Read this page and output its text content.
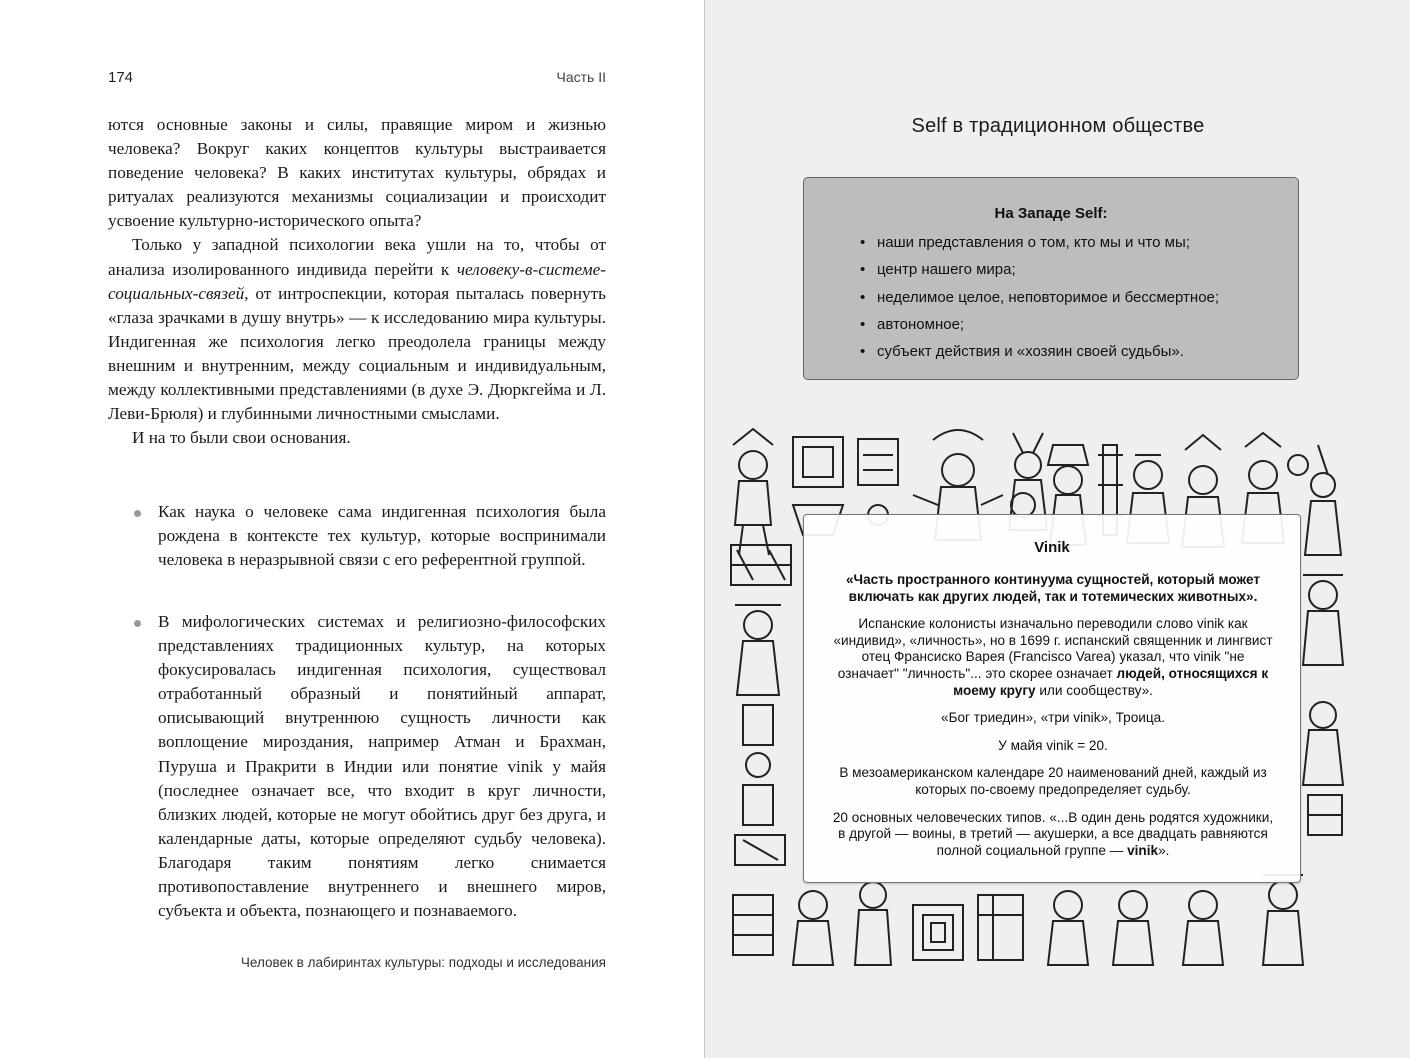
174	Часть II

ются основные законы и силы, правящие миром и жизнью человека? Вокруг каких концептов культуры выстраивается поведение человека? В каких институтах культуры, обрядах и ритуалах реализуются механизмы социализации и происходит усвоение культурно-исторического опыта?

Только у западной психологии века ушли на то, чтобы от анализа изолированного индивида перейти к человеку-в-системе-социальных-связей, от интроспекции, которая пыталась повернуть «глаза зрачками в душу внутрь» — к исследованию мира культуры. Индигенная же психология легко преодолела границы между внешним и внутренним, между социальным и индивидуальным, между коллективными представлениями (в духе Э. Дюркгейма и Л. Леви-Брюля) и глубинными личностными смыслами.

И на то были свои основания.

Как наука о человеке сама индигенная психология была рождена в контексте тех культур, которые воспринимали человека в неразрывной связи с его референтной группой.
В мифологических системах и религиозно-философских представлениях традиционных культур, на которых фокусировалась индигенная психология, существовал отработанный образный и понятийный аппарат, описывающий внутреннюю сущность личности как воплощение мироздания, например Атман и Брахман, Пуруша и Пракрити в Индии или понятие vinik у майя (последнее означает все, что входит в круг личности, близких людей, которые не могут обойтись друг без друга, и календарные даты, которые определяют судьбу человека). Благодаря таким понятиям легко снимается противопоставление внутреннего и внешнего миров, субъекта и объекта, познающего и познаваемого.
Человек в лабиринтах культуры: подходы и исследования
Self в традиционном обществе
На Западе Self:
• наши представления о том, кто мы и что мы;
• центр нашего мира;
• неделимое целое, неповторимое и бессмертное;
• автономное;
• субъект действия и «хозяин своей судьбы».
Vinik

«Часть пространного континуума сущностей, который может включать как других людей, так и тотемических животных».

Испанские колонисты изначально переводили слово vinik как «индивид», «личность», но в 1699 г. испанский священник и лингвист отец Франсиско Варея (Francisco Varea) указал, что vinik "не означает" "личность"... это скорее означает людей, относящихся к моему кругу или сообществу».

«Бог триедин», «три vinik», Троица.

У майя vinik = 20.

В мезоамериканском календаре 20 наименований дней, каждый из которых по-своему предопределяет судьбу.

20 основных человеческих типов. «...В один день родятся художники, в другой — воины, в третий — акушерки, а все двадцать равняются полной социальной группе — vinik».
